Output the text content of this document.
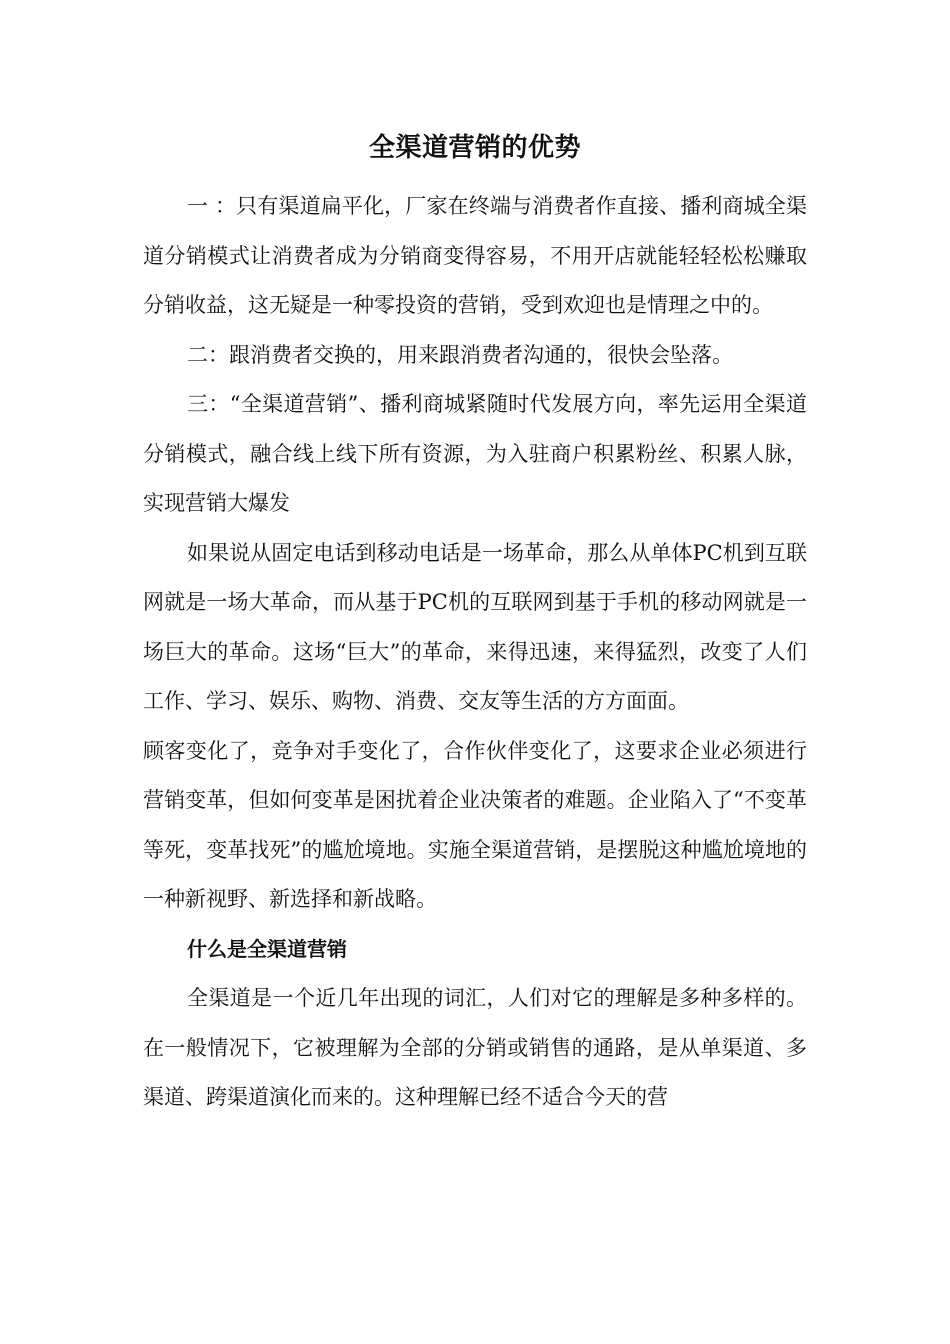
全渠道营销的优势

一 ：只有渠道扁平化，厂家在终端与消费者作直接、播利商城全渠道分销模式让消费者成为分销商变得容易，不用开店就能轻轻松松赚取分销收益，这无疑是一种零投资的营销，受到欢迎也是情理之中的。

二：跟消费者交换的，用来跟消费者沟通的，很快会坠落。

三：“全渠道营销”、播利商城紧随时代发展方向，率先运用全渠道分销模式，融合线上线下所有资源，为入驻商户积累粉丝、积累人脉，实现营销大爆发

如果说从固定电话到移动电话是一场革命，那么从单体PC机到互联网就是一场大革命，而从基于PC机的互联网到基于手机的移动网就是一场巨大的革命。这场“巨大”的革命，来得迅速，来得猛烈，改变了人们工作、学习、娱乐、购物、消费、交友等生活的方方面面。

顾客变化了，竞争对手变化了，合作伙伴变化了，这要求企业必须进行营销变革，但如何变革是困扰着企业决策者的难题。企业陷入了“不变革等死，变革找死”的尴尬境地。实施全渠道营销，是摆脱这种尴尬境地的一种新视野、新选择和新战略。

什么是全渠道营销

全渠道是一个近几年出现的词汇，人们对它的理解是多种多样的。在一般情况下，它被理解为全部的分销或销售的通路，是从单渠道、多渠道、跨渠道演化而来的。这种理解已经不适合今天的营
